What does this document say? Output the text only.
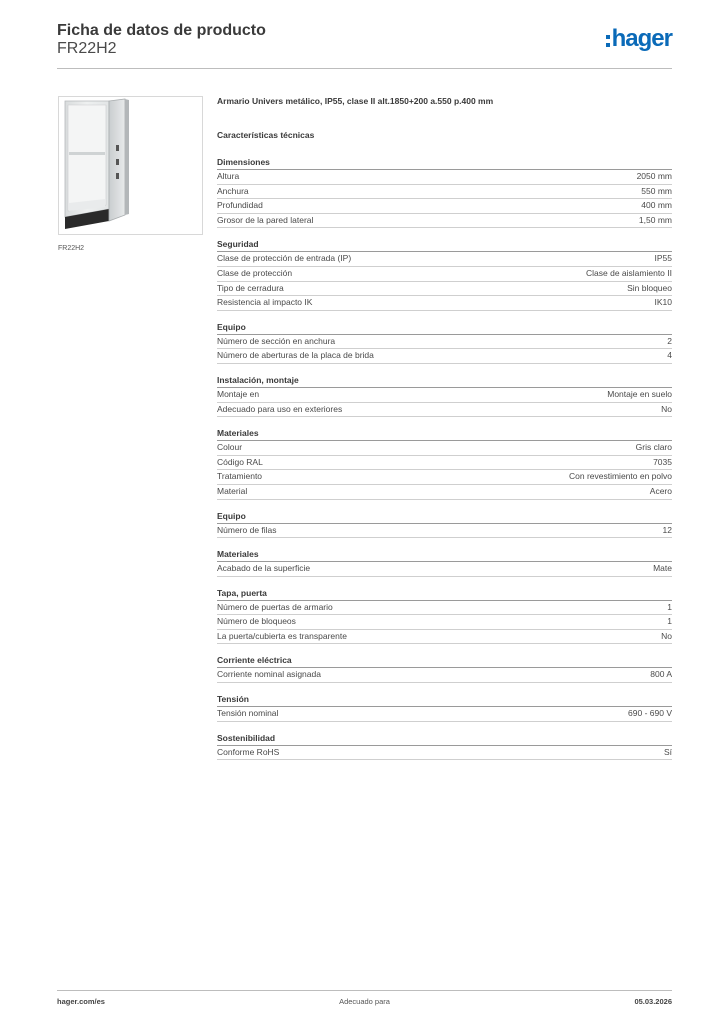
Ficha de datos de producto
FR22H2	hager
FR22H2
Armario Univers metálico, IP55, clase II alt.1850+200 a.550 p.400 mm
Características técnicas
Dimensiones
Altura	2050 mm
Anchura	550 mm
Profundidad	400 mm
Grosor de la pared lateral	1,50 mm
Seguridad
Clase de protección de entrada (IP)	IP55
Clase de protección	Clase de aislamiento II
Tipo de cerradura	Sin bloqueo
Resistencia al impacto IK	IK10
Equipo
Número de sección en anchura	2
Número de aberturas de la placa de brida	4
Instalación, montaje
Montaje en	Montaje en suelo
Adecuado para uso en exteriores	No
Materiales
Colour	Gris claro
Código RAL	7035
Tratamiento	Con revestimiento en polvo
Material	Acero
Equipo
Número de filas	12
Materiales
Acabado de la superficie	Mate
Tapa, puerta
Número de puertas de armario	1
Número de bloqueos	1
La puerta/cubierta es transparente	No
Corriente eléctrica
Corriente nominal asignada	800 A
Tensión
Tensión nominal	690 - 690 V
Sostenibilidad
Conforme RoHS	Sí
hager.com/es	Adecuado para	05.03.2026
